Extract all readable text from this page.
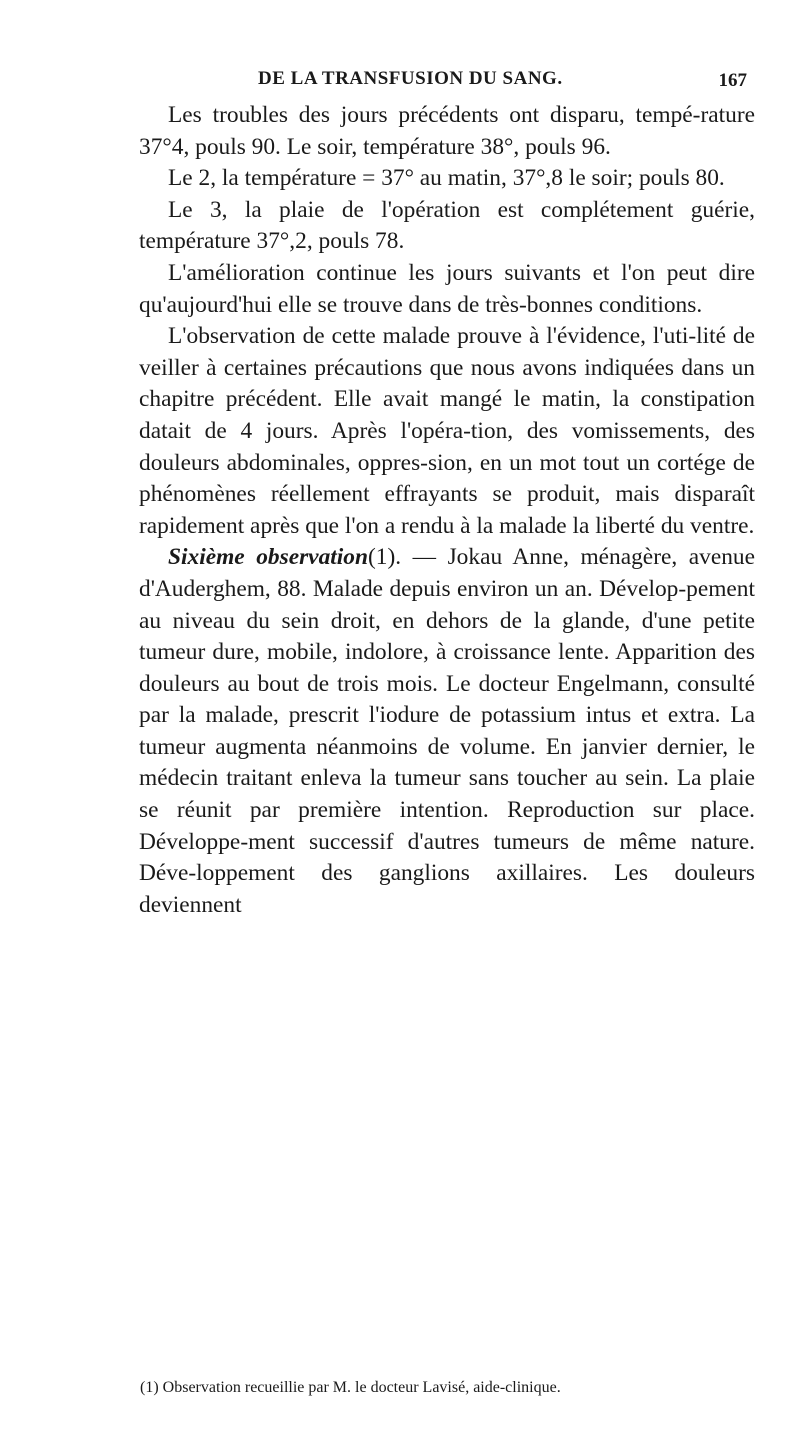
DE LA TRANSFUSION DU SANG.	167

Les troubles des jours précédents ont disparu, tempé-rature 37°4, pouls 90. Le soir, température 38°, pouls 96.

Le 2, la température = 37° au matin, 37°,8 le soir; pouls 80.

Le 3, la plaie de l'opération est complétement guérie, température 37°,2, pouls 78.

L'amélioration continue les jours suivants et l'on peut dire qu'aujourd'hui elle se trouve dans de très-bonnes conditions.

L'observation de cette malade prouve à l'évidence, l'uti-lité de veiller à certaines précautions que nous avons indiquées dans un chapitre précédent. Elle avait mangé le matin, la constipation datait de 4 jours. Après l'opéra-tion, des vomissements, des douleurs abdominales, oppres-sion, en un mot tout un cortége de phénomènes réellement effrayants se produit, mais disparaît rapidement après que l'on a rendu à la malade la liberté du ventre.

Sixième observation(1). — Jokau Anne, ménagère, avenue d'Auderghem, 88. Malade depuis environ un an. Dévelop-pement au niveau du sein droit, en dehors de la glande, d'une petite tumeur dure, mobile, indolore, à croissance lente. Apparition des douleurs au bout de trois mois. Le docteur Engelmann, consulté par la malade, prescrit l'iodure de potassium intus et extra. La tumeur augmenta néanmoins de volume. En janvier dernier, le médecin traitant enleva la tumeur sans toucher au sein. La plaie se réunit par première intention. Reproduction sur place. Développe-ment successif d'autres tumeurs de même nature. Déve-loppement des ganglions axillaires. Les douleurs deviennent

(1) Observation recueillie par M. le docteur Lavisé, aide-clinique.
